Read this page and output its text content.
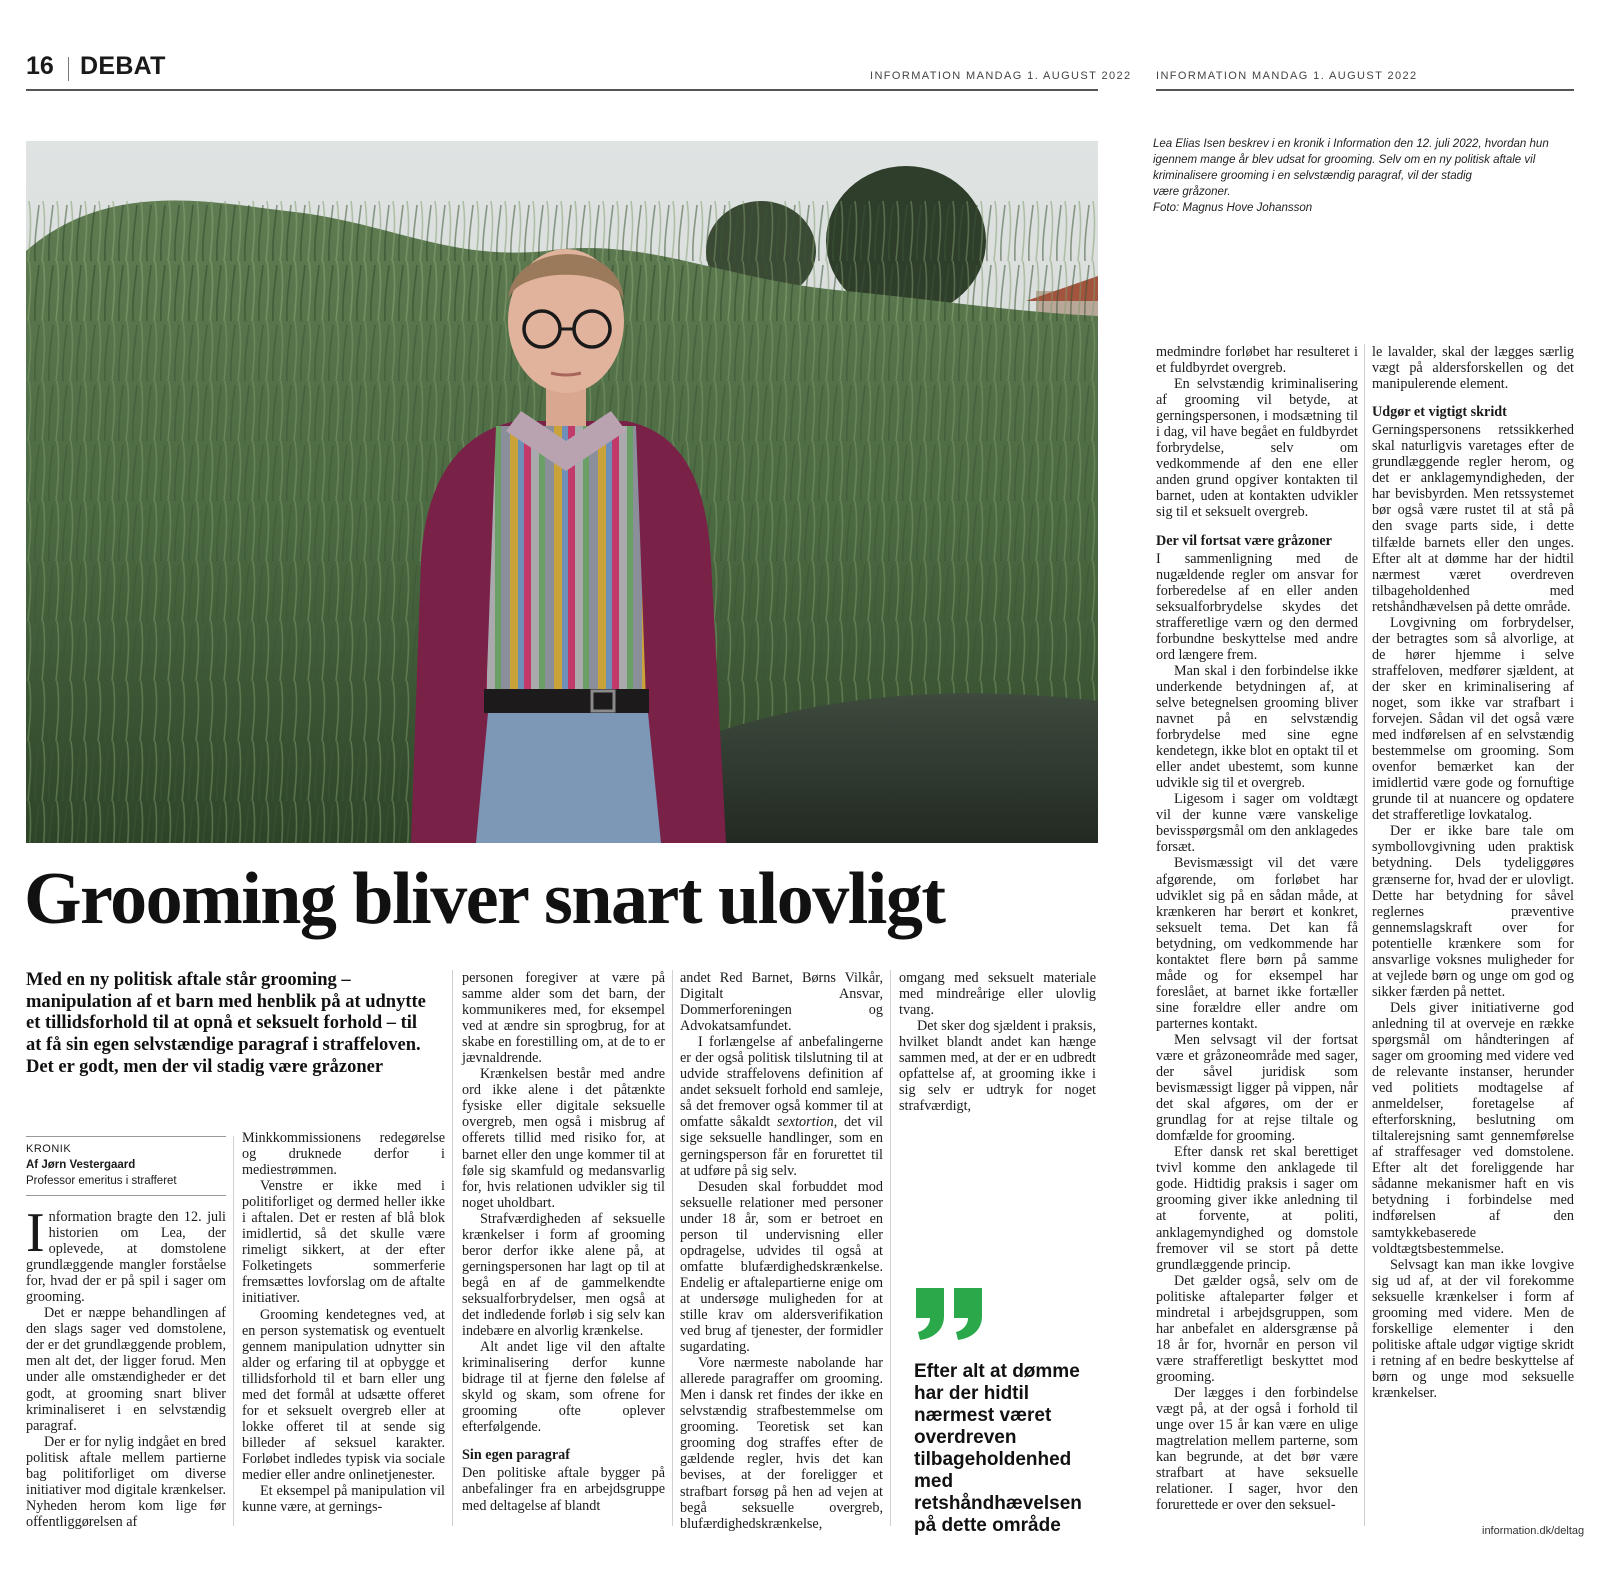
16 DEBAT	INFORMATION MANDAG 1. AUGUST 2022 INFORMATION MANDAG 1. AUGUST 2022
Lea Elias Isen beskrev i en kronik i Information den 12. juli 2022, hvordan hun
igennem mange år blev udsat for grooming. Selv om en ny politisk aftale vil
kriminalisere grooming i en selvstændig paragraf, vil der stadig
være gråzoner.
Foto: Magnus Hove Johansson
Grooming bliver snart ulovligt
Med en ny politisk aftale står grooming – manipulation af et barn med henblik på at udnytte et tillidsforhold til at opnå et seksuelt forhold – til at få sin egen selvstændige paragraf i straffeloven. Det er godt, men der vil stadig være gråzoner
KRONIK
Af Jørn Vestergaard
Professor emeritus i strafferet

Information bragte den 12. juli historien om Lea, der oplevede, at domstolene grundlæggende mangler forståelse for, hvad der er på spil i sager om grooming.

Det er næppe behandlingen af den slags sager ved domstolene, der er det grundlæggende problem, men alt det, der ligger forud. Men under alle omstændigheder er det godt, at grooming snart bliver kriminaliseret i en selvstændig paragraf.

Der er for nylig indgået en bred politisk aftale mellem partierne bag politiforliget om diverse initiativer mod digitale krænkelser. Nyheden herom kom lige før offentliggørelsen af

Minkkommissionens redegørelse og druknede derfor i mediestrømmen.

Venstre er ikke med i politiforliget og dermed heller ikke i aftalen. Det er resten af blå blok imidlertid, så det skulle være rimeligt sikkert, at der efter Folketingets sommerferie fremsættes lovforslag om de aftalte initiativer.

Grooming kendetegnes ved, at en person systematisk og eventuelt gennem manipulation udnytter sin alder og erfaring til at opbygge et tillidsforhold til et barn eller ung med det formål at udsætte offeret for et seksuelt overgreb eller at lokke offeret til at sende sig billeder af seksuel karakter. Forløbet indledes typisk via sociale medier eller andre onlinetjenester.

Et eksempel på manipulation vil kunne være, at gernings-

personen foregiver at være på samme alder som det barn, der kommunikeres med, for eksempel ved at ændre sin sprogbrug, for at skabe en forestilling om, at de to er jævnaldrende.

Krænkelsen består med andre ord ikke alene i det påtænkte fysiske eller digitale seksuelle overgreb, men også i misbrug af offerets tillid med risiko for, at barnet eller den unge kommer til at føle sig skamfuld og medansvarlig for, hvis relationen udvikler sig til noget uholdbart.

Strafværdigheden af seksuelle krænkelser i form af grooming beror derfor ikke alene på, at gerningspersonen har lagt op til at begå en af de gammelkendte seksualforbrydelser, men også at det indledende forløb i sig selv kan indebære en alvorlig krænkelse.

Alt andet lige vil den aftalte kriminalisering derfor kunne bidrage til at fjerne den følelse af skyld og skam, som ofrene for grooming ofte oplever efterfølgende.

Sin egen paragraf

Den politiske aftale bygger på anbefalinger fra en arbejdsgruppe med deltagelse af blandt

andet Red Barnet, Børns Vilkår, Digitalt Ansvar, Dommerforeningen og Advokatsamfundet.

I forlængelse af anbefalingerne er der også politisk tilslutning til at udvide straffelovens definition af andet seksuelt forhold end samleje, så det fremover også kommer til at omfatte såkaldt sextortion, det vil sige seksuelle handlinger, som en gerningsperson får en forurettet til at udføre på sig selv.

Desuden skal forbuddet mod seksuelle relationer med personer under 18 år, som er betroet en person til undervisning eller opdragelse, udvides til også at omfatte blufærdighedskrænkelse. Endelig er aftalepartierne enige om at undersøge muligheden for at stille krav om aldersverifikation ved brug af tjenester, der formidler sugardating.

Vore nærmeste nabolande har allerede paragraffer om grooming. Men i dansk ret findes der ikke en selvstændig strafbestemmelse om grooming. Teoretisk set kan grooming dog straffes efter de gældende regler, hvis det kan bevises, at der foreligger et strafbart forsøg på hen ad vejen at begå seksuelle overgreb, blufærdighedskrænkelse,

omgang med seksuelt materiale med mindreårige eller ulovlig tvang.

Det sker dog sjældent i praksis, hvilket blandt andet kan hænge sammen med, at der er en udbredt opfattelse af, at grooming ikke i sig selv er udtryk for noget strafværdigt,

Efter alt at dømme har der hidtil nærmest været overdreven tilbageholdenhed med retshåndhævelsen på dette område

medmindre forløbet har resulteret i et fuldbyrdet overgreb.

En selvstændig kriminalisering af grooming vil betyde, at gerningspersonen, i modsætning til i dag, vil have begået en fuldbyrdet forbrydelse, selv om vedkommende af den ene eller anden grund opgiver kontakten til barnet, uden at kontakten udvikler sig til et seksuelt overgreb.

Der vil fortsat være gråzoner

I sammenligning med de nugældende regler om ansvar for forberedelse af en eller anden seksualforbrydelse skydes det strafferetlige værn og den dermed forbundne beskyttelse med andre ord længere frem.

Man skal i den forbindelse ikke underkende betydningen af, at selve betegnelsen grooming bliver navnet på en selvstændig forbrydelse med sine egne kendetegn, ikke blot en optakt til et eller andet ubestemt, som kunne udvikle sig til et overgreb.

Ligesom i sager om voldtægt vil der kunne være vanskelige bevisspørgsmål om den anklagedes forsæt.

Bevismæssigt vil det være afgørende, om forløbet har udviklet sig på en sådan måde, at krænkeren har berørt et konkret, seksuelt tema. Det kan få betydning, om vedkommende har kontaktet flere børn på samme måde og for eksempel har foreslået, at barnet ikke fortæller sine forældre eller andre om parternes kontakt.

Men selvsagt vil der fortsat være et gråzoneområde med sager, der såvel juridisk som bevismæssigt ligger på vippen, når det skal afgøres, om der er grundlag for at rejse tiltale og domfælde for grooming.

Efter dansk ret skal berettiget tvivl komme den anklagede til gode. Hidtidig praksis i sager om grooming giver ikke anledning til at forvente, at politi, anklagemyndighed og domstole fremover vil se stort på dette grundlæggende princip.

Det gælder også, selv om de politiske aftaleparter følger et mindretal i arbejdsgruppen, som har anbefalet en aldersgrænse på 18 år for, hvornår en person vil være strafferetligt beskyttet mod grooming.

Der lægges i den forbindelse vægt på, at der også i forhold til unge over 15 år kan være en ulige magtrelation mellem parterne, som kan begrunde, at det bør være strafbart at have seksuelle relationer. I sager, hvor den forurettede er over den seksuel-

le lavalder, skal der lægges særlig vægt på aldersforskellen og det manipulerende element.

Udgør et vigtigt skridt

Gerningspersonens retssikkerhed skal naturligvis varetages efter de grundlæggende regler herom, og det er anklagemyndigheden, der har bevisbyrden. Men retssystemet bør også være rustet til at stå på den svage parts side, i dette tilfælde barnets eller den unges. Efter alt at dømme har der hidtil nærmest været overdreven tilbageholdenhed med retshåndhævelsen på dette område.

Lovgivning om forbrydelser, der betragtes som så alvorlige, at de hører hjemme i selve straffeloven, medfører sjældent, at der sker en kriminalisering af noget, som ikke var strafbart i forvejen. Sådan vil det også være med indførelsen af en selvstændig bestemmelse om grooming. Som ovenfor bemærket kan der imidlertid være gode og fornuftige grunde til at nuancere og opdatere det strafferetlige lovkatalog.

Der er ikke bare tale om symbollovgivning uden praktisk betydning. Dels tydeliggøres grænserne for, hvad der er ulovligt. Dette har betydning for såvel reglernes præventive gennemslagskraft over for potentielle krænkere som for ansvarlige voksnes muligheder for at vejlede børn og unge om god og sikker færden på nettet.

Dels giver initiativerne god anledning til at overveje en række spørgsmål om håndteringen af sager om grooming med videre ved de relevante instanser, herunder ved politiets modtagelse af anmeldelser, foretagelse af efterforskning, beslutning om tiltalerejsning samt gennemførelse af straffesager ved domstolene. Efter alt det foreliggende har sådanne mekanismer haft en vis betydning i forbindelse med indførelsen af den samtykkebaserede voldtægtsbestemmelse.

Selvsagt kan man ikke lovgive sig ud af, at der vil forekomme seksuelle krænkelser i form af grooming med videre. Men de forskellige elementer i den politiske aftale udgør vigtige skridt i retning af en bedre beskyttelse af børn og unge mod seksuelle krænkelser.

information.dk/deltag
